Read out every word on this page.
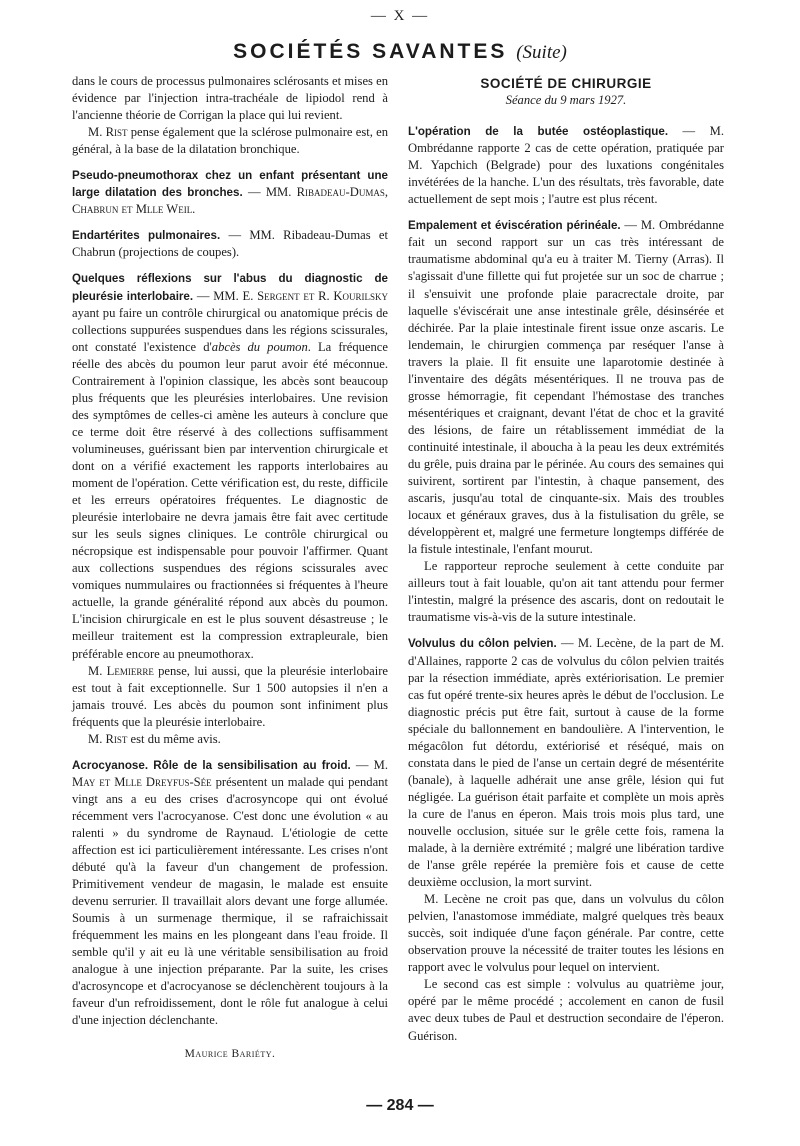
— X —
SOCIÉTÉS SAVANTES (Suite)

dans le cours de processus pulmonaires sclérosants et mises en évidence par l'injection intra-trachéale de lipiodol rend à l'ancienne théorie de Corrigan la place qui lui revient.

M. Rist pense également que la sclérose pulmonaire est, en général, à la base de la dilatation bronchique.

Pseudo-pneumothorax chez un enfant présentant une large dilatation des bronches. — MM. Ribadeau-Dumas, Chabrun et Mlle Weil.

Endartérites pulmonaires. — MM. Ribadeau-Dumas et Chabrun (projections de coupes).

Quelques réflexions sur l'abus du diagnostic de pleurésie interlobaire. — MM. E. Sergent et R. Kourilsky ayant pu faire un contrôle chirurgical ou anatomique précis de collections suppurées suspendues dans les régions scissurales, ont constaté l'existence d'abcès du poumon. La fréquence réelle des abcès du poumon leur parut avoir été méconnue. Contrairement à l'opinion classique, les abcès sont beaucoup plus fréquents que les pleurésies interlobaires. Une revision des symptômes de celles-ci amène les auteurs à conclure que ce terme doit être réservé à des collections suffisamment volumineuses, guérissant bien par intervention chirurgicale et dont on a vérifié exactement les rapports interlobaires au moment de l'opération. Cette vérification est, du reste, difficile et les erreurs opératoires fréquentes. Le diagnostic de pleurésie interlobaire ne devra jamais être fait avec certitude sur les seuls signes cliniques. Le contrôle chirurgical ou nécropsique est indispensable pour pouvoir l'affirmer. Quant aux collections suspendues des régions scissurales avec vomiques nummulaires ou fractionnées si fréquentes à l'heure actuelle, la grande généralité répond aux abcès du poumon. L'incision chirurgicale en est le plus souvent désastreuse ; le meilleur traitement est la compression extrapleurale, bien préférable encore au pneumothorax.

M. Lemierre pense, lui aussi, que la pleurésie interlobaire est tout à fait exceptionnelle. Sur 1 500 autopsies il n'en a jamais trouvé. Les abcès du poumon sont infiniment plus fréquents que la pleurésie interlobaire.

M. Rist est du même avis.

Acrocyanose. Rôle de la sensibilisation au froid. — M. May et Mlle Dreyfus-Sée présentent un malade qui pendant vingt ans a eu des crises d'acrosyncope qui ont évolué récemment vers l'acrocyanose. C'est donc une évolution « au ralenti » du syndrome de Raynaud. L'étiologie de cette affection est ici particulièrement intéressante. Les crises n'ont débuté qu'à la faveur d'un changement de profession. Primitivement vendeur de magasin, le malade est ensuite devenu serrurier. Il travaillait alors devant une forge allumée. Soumis à un surmenage thermique, il se rafraichissait fréquemment les mains en les plongeant dans l'eau froide. Il semble qu'il y ait eu là une véritable sensibilisation au froid analogue à une injection préparante. Par la suite, les crises d'acrosyncope et d'acrocyanose se déclenchèrent toujours à la faveur d'un refroidissement, dont le rôle fut analogue à celui d'une injection déclenchante.

Maurice Bariéty.

SOCIÉTÉ DE CHIRURGIE

Séance du 9 mars 1927.

L'opération de la butée ostéoplastique. — M. Ombrédanne rapporte 2 cas de cette opération, pratiquée par M. Yapchich (Belgrade) pour des luxations congénitales invétérées de la hanche. L'un des résultats, très favorable, date actuellement de sept mois ; l'autre est plus récent.

Empalement et éviscération périnéale. — M. Ombrédanne fait un second rapport sur un cas très intéressant de traumatisme abdominal qu'a eu à traiter M. Tierny (Arras). Il s'agissait d'une fillette qui fut projetée sur un soc de charrue ; il s'ensuivit une profonde plaie paracrectale droite, par laquelle s'éviscérait une anse intestinale grêle, désinsérée et déchirée. Par la plaie intestinale firent issue onze ascaris. Le lendemain, le chirurgien commença par reséquer l'anse à travers la plaie. Il fit ensuite une laparotomie destinée à l'inventaire des dégâts mésentériques. Il ne trouva pas de grosse hémorragie, fit cependant l'hémostase des tranches mésentériques et craignant, devant l'état de choc et la gravité des lésions, de faire un rétablissement immédiat de la continuité intestinale, il aboucha à la peau les deux extrémités du grêle, puis draina par le périnée. Au cours des semaines qui suivirent, sortirent par l'intestin, à chaque pansement, des ascaris, jusqu'au total de cinquante-six. Mais des troubles locaux et généraux graves, dus à la fistulisation du grêle, se développèrent et, malgré une fermeture longtemps différée de la fistule intestinale, l'enfant mourut.

Le rapporteur reproche seulement à cette conduite par ailleurs tout à fait louable, qu'on ait tant attendu pour fermer l'intestin, malgré la présence des ascaris, dont on redoutait le traumatisme vis-à-vis de la suture intestinale.

Volvulus du côlon pelvien. — M. Lecène, de la part de M. d'Allaines, rapporte 2 cas de volvulus du côlon pelvien traités par la résection immédiate, après extériorisation. Le premier cas fut opéré trente-six heures après le début de l'occlusion. Le diagnostic précis put être fait, surtout à cause de la forme spéciale du ballonnement en bandoulière. A l'intervention, le mégacôlon fut détordu, extériorisé et réséqué, mais on constata dans le pied de l'anse un certain degré de mésentérite (banale), à laquelle adhérait une anse grêle, lésion qui fut négligée. La guérison était parfaite et complète un mois après la cure de l'anus en éperon. Mais trois mois plus tard, une nouvelle occlusion, située sur le grêle cette fois, ramena la malade, à la dernière extrémité ; malgré une libération tardive de l'anse grêle repérée la première fois et cause de cette deuxième occlusion, la mort survint.

M. Lecène ne croit pas que, dans un volvulus du côlon pelvien, l'anastomose immédiate, malgré quelques très beaux succès, soit indiquée d'une façon générale. Par contre, cette observation prouve la nécessité de traiter toutes les lésions en rapport avec le volvulus pour lequel on intervient.

Le second cas est simple : volvulus au quatrième jour, opéré par le même procédé ; accolement en canon de fusil avec deux tubes de Paul et destruction secondaire de l'éperon. Guérison.

— 284 —
